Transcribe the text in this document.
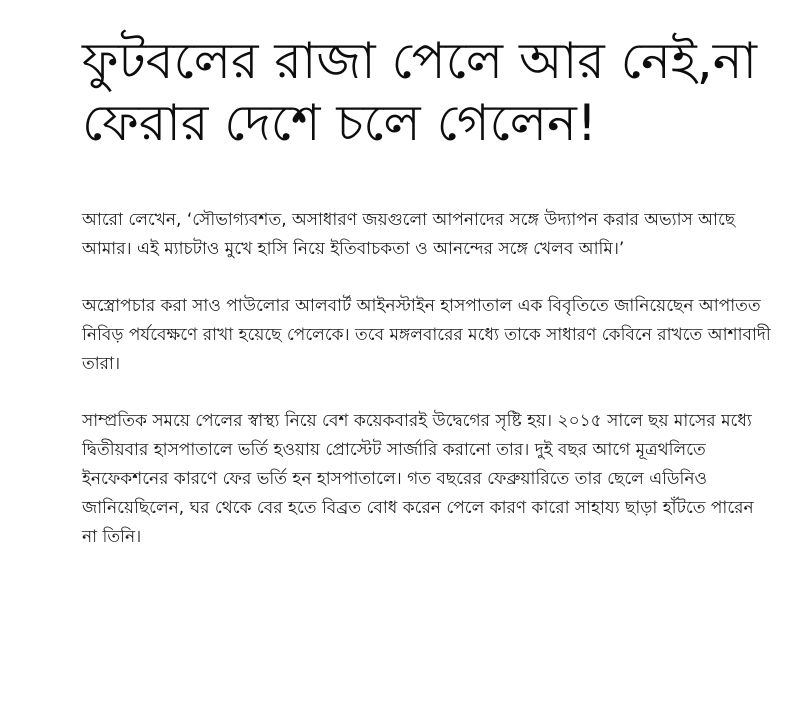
ফুটবলের রাজা পেলে আর নেই,না ফেরার দেশে চলে গেলেন!

আরো লেখেন, ‘সৌভাগ্যবশত, অসাধারণ জয়গুলো আপনাদের সঙ্গে উদ্যাপন করার অভ্যাস আছে আমার। এই ম্যাচটাও মুখে হাসি নিয়ে ইতিবাচকতা ও আনন্দের সঙ্গে খেলব আমি।’

অস্ত্রোপচার করা সাও পাউলোর আলবার্ট আইনস্টাইন হাসপাতাল এক বিবৃতিতে জানিয়েছেন আপাতত নিবিড় পর্যবেক্ষণে রাখা হয়েছে পেলেকে। তবে মঙ্গলবারের মধ্যে তাকে সাধারণ কেবিনে রাখতে আশাবাদী তারা।

সাম্প্রতিক সময়ে পেলের স্বাস্থ্য নিয়ে বেশ কয়েকবারই উদ্বেগের সৃষ্টি হয়। ২০১৫ সালে ছয় মাসের মধ্যে দ্বিতীয়বার হাসপাতালে ভর্তি হওয়ায় প্রোস্টেট সার্জারি করানো তার। দুই বছর আগে মূত্রথলিতে ইনফেকশনের কারণে ফের ভর্তি হন হাসপাতালে। গত বছরের ফেব্রুয়ারিতে তার ছেলে এডিনিও জানিয়েছিলেন, ঘর থেকে বের হতে বিব্রত বোধ করেন পেলে কারণ কারো সাহায্য ছাড়া হাঁটতে পারেন না তিনি।
